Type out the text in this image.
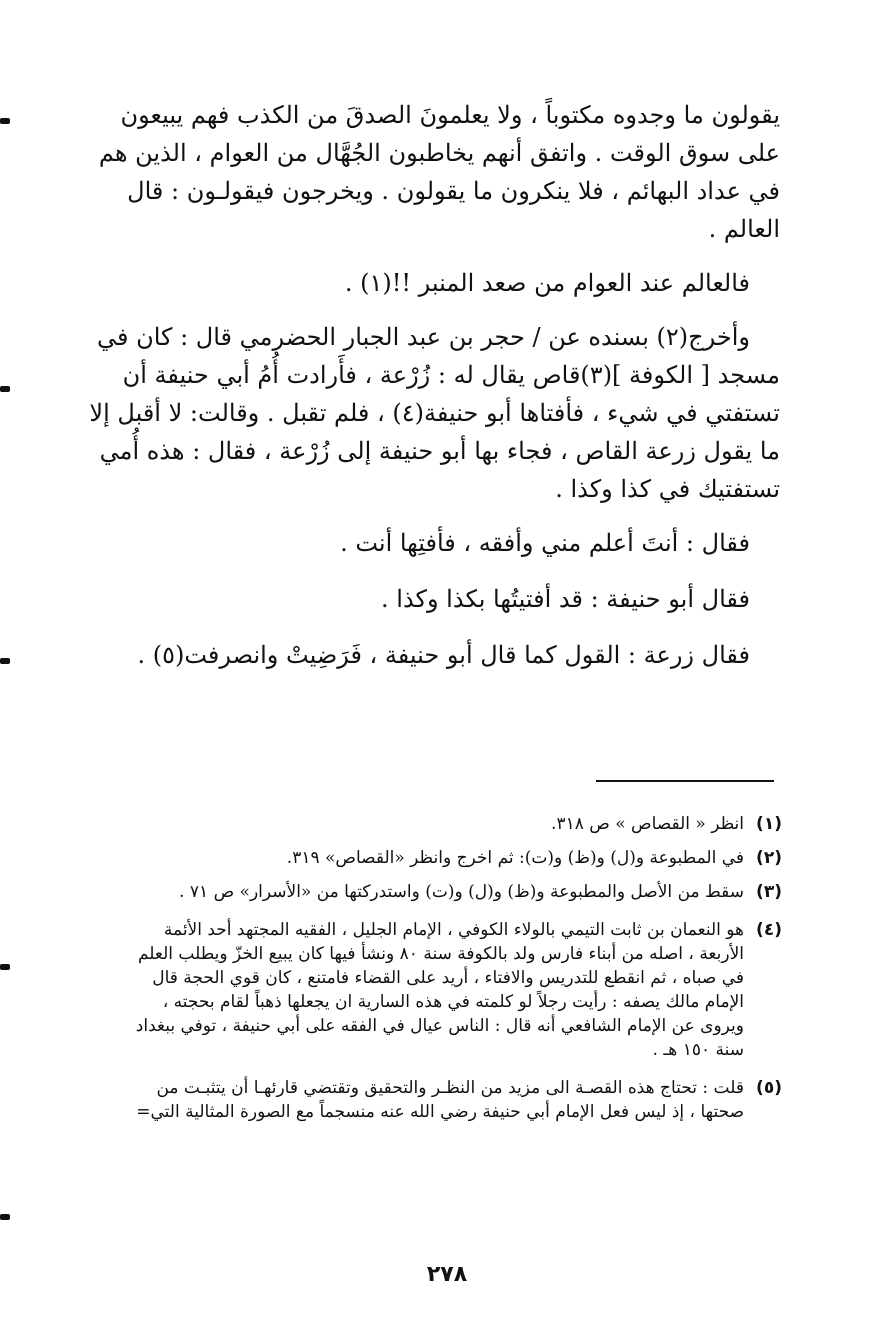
يقولون ما وجدوه مكتوباً ، ولا يعلمونَ الصدقَ من الكذب فهم يبيعون
على سوق الوقت . واتفق أنهم يخاطبون الجُهَّال من العوام ، الذين هم
في عداد البهائم ، فلا ينكرون ما يقولون . ويخرجون فيقولـون : قال
العالم .
فالعالم عند العوام من صعد المنبر !!(١) .
وأخرج(٢) بسنده عن / حجر بن عبد الجبار الحضرمي قال : كان في
مسجد [ الكوفة ](٣)قاص يقال له : زُرْعة ، فأَرادت أُمُ أبي حنيفة أن
تستفتي في شيء ، فأفتاها أبو حنيفة(٤) ، فلم تقبل . وقالت: لا أقبل إلا
ما يقول زرعة القاص ، فجاء بها أبو حنيفة إلى زُرْعة ، فقال : هذه أُمي
تستفتيك في كذا وكذا .
فقال : أنتَ أعلم مني وأفقه ، فأفتِها أنت .
فقال أبو حنيفة : قد أفتيتُها بكذا وكذا .
فقال زرعة : القول كما قال أبو حنيفة ، فَرَضِيتْ وانصرفت(٥) .
(١)
انظر « القصاص » ص ٣١٨.
(٢)
في المطبوعة و(ل) و(ظ) و(ت): ثم اخرج وانظر «القصاص» ٣١٩.
(٣)
سقط من الأصل والمطبوعة و(ظ) و(ل) و(ت) واستدركتها من «الأسرار» ص ٧١ .
(٤)
هو النعمان بن ثابت التيمي بالولاء الكوفي ، الإمام الجليل ، الفقيه المجتهد أحد الأئمة
الأربعة ، اصله من أبناء فارس ولد بالكوفة سنة ٨٠ ونشأ فيها كان يبيع الخزّ ويطلب العلم
في صباه ، ثم انقطع للتدريس والافتاء ، أريد على القضاء فامتنع ، كان قوي الحجة قال
الإمام مالك يصفه : رأيت رجلاً لو كلمته في هذه السارية ان يجعلها ذهباً لقام بحجته ،
ويروى عن الإمام الشافعي أنه قال : الناس عيال في الفقه على أبي حنيفة ، توفي ببغداد
سنة ١٥٠ هـ .
(٥)
قلت : تحتاج هذه القصـة الى مزيد من النظـر والتحقيق وتقتضي قارئهـا أن يتثبـت من
صحتها ، إذ ليس فعل الإمام أبي حنيفة رضي الله عنه منسجماً مع الصورة المثالية التي=
٢٧٨
